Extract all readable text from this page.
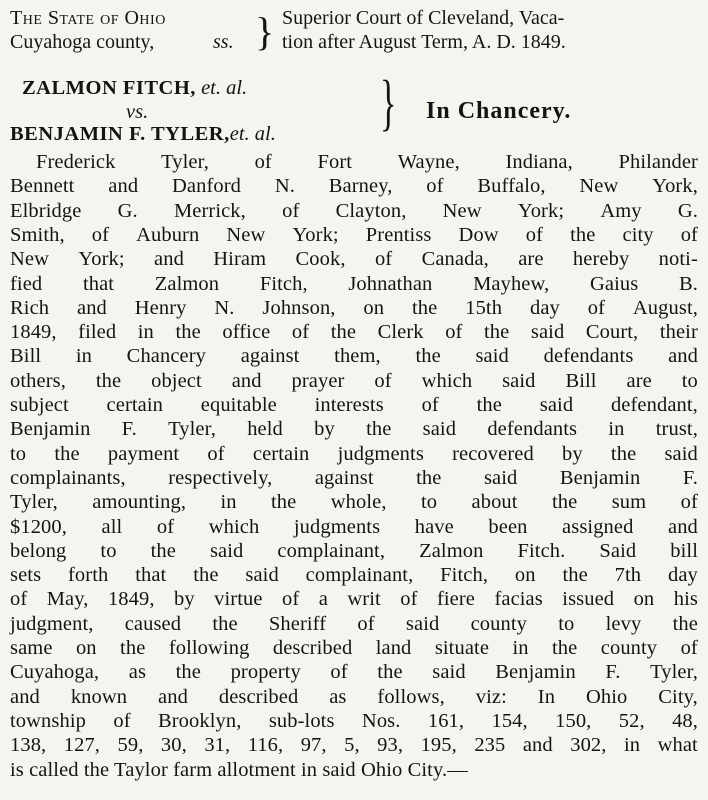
The State of Ohio	Superior Court of Cleveland, Vaca-
Cuyahoga county,	ss. tion after August Term, A. D. 1849.
}
ZALMON FITCH, et. al.
vs.
BENJAMIN F. TYLER,et. al.	} In Chancery.
Frederick Tyler, of Fort Wayne, Indiana, Philander
Bennett and Danford N. Barney, of Buffalo, New York,
Elbridge G. Merrick, of Clayton, New York; Amy G.
Smith, of Auburn New York; Prentiss Dow of the city of
New York; and Hiram Cook, of Canada, are hereby noti-
fied that Zalmon Fitch, Johnathan Mayhew, Gaius B.
Rich and Henry N. Johnson, on the 15th day of August,
1849, filed in the office of the Clerk of the said Court, their
Bill in Chancery against them, the said defendants and
others, the object and prayer of which said Bill are to
subject certain equitable interests of the said defendant,
Benjamin F. Tyler, held by the said defendants in trust,
to the payment of certain judgments recovered by the said
complainants, respectively, against the said Benjamin F.
Tyler, amounting, in the whole, to about the sum of
$1200, all of which judgments have been assigned and
belong to the said complainant, Zalmon Fitch. Said bill
sets forth that the said complainant, Fitch, on the 7th day
of May, 1849, by virtue of a writ of fiere facias issued on his
judgment, caused the Sheriff of said county to levy the
same on the following described land situate in the county of
Cuyahoga, as the property of the said Benjamin F. Tyler,
and known and described as follows, viz: In Ohio City,
township of Brooklyn, sub-lots Nos. 161, 154, 150, 52, 48,
138, 127, 59, 30, 31, 116, 97, 5, 93, 195, 235 and 302, in what
is called the Taylor farm allotment in said Ohio City.—
